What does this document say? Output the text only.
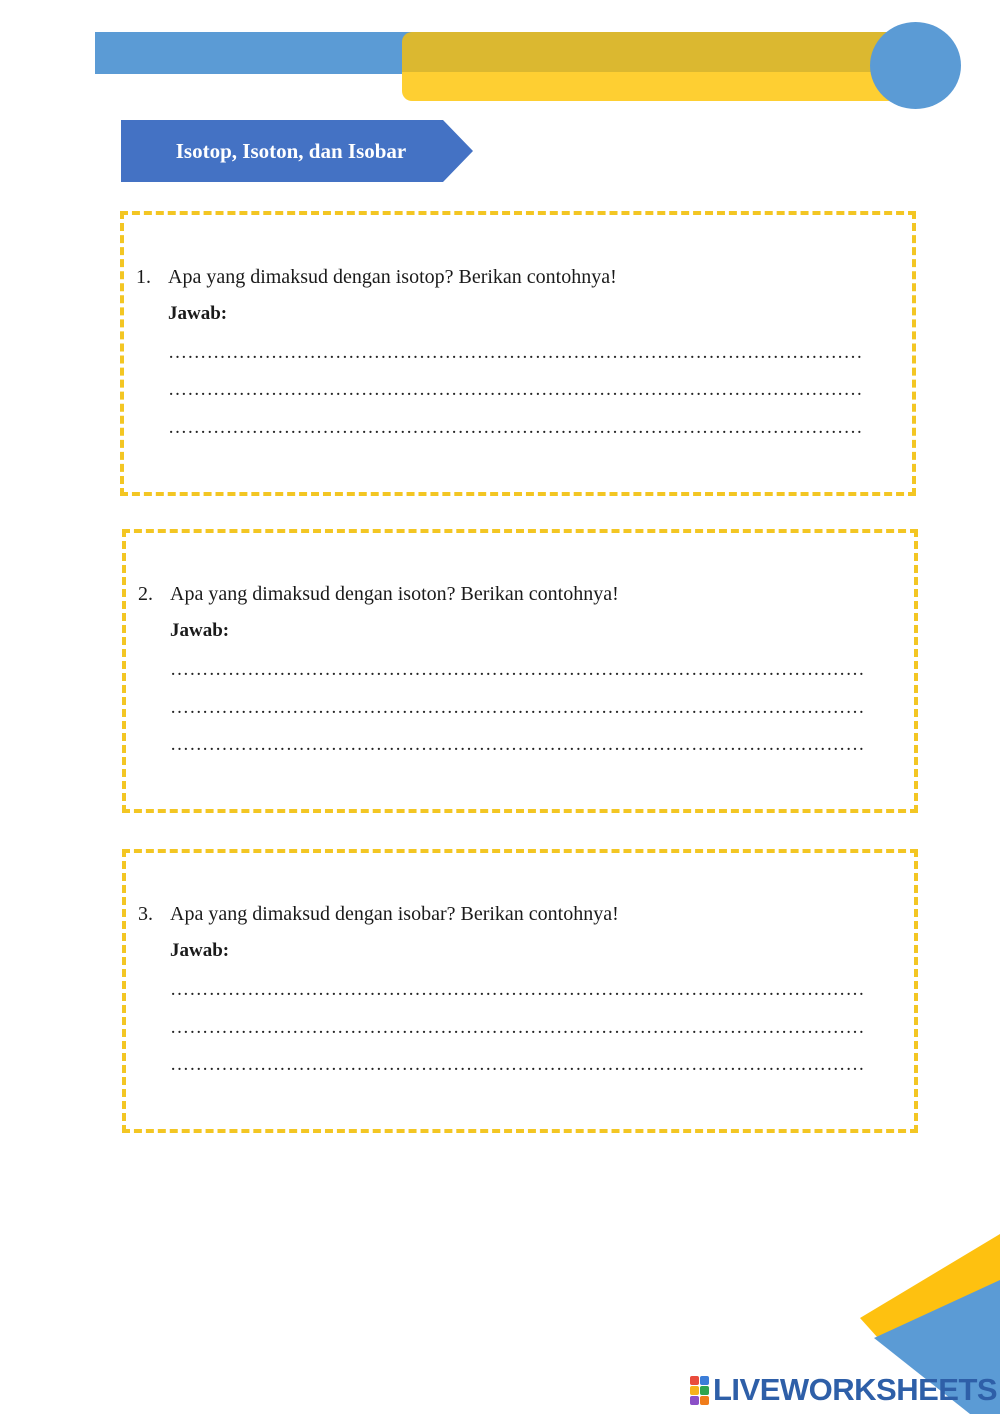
Isotop, Isoton, dan Isobar
1. Apa yang dimaksud dengan isotop? Berikan contohnya!
Jawab:
………………………………………………………………………………………………
………………………………………………………………………………………………
………………………………………………………………………………………………
2. Apa yang dimaksud dengan isoton? Berikan contohnya!
Jawab:
………………………………………………………………………………………………
………………………………………………………………………………………………
………………………………………………………………………………………………
3. Apa yang dimaksud dengan isobar? Berikan contohnya!
Jawab:
………………………………………………………………………………………………
………………………………………………………………………………………………
………………………………………………………………………………………………
LIVEWORKSHEETS
